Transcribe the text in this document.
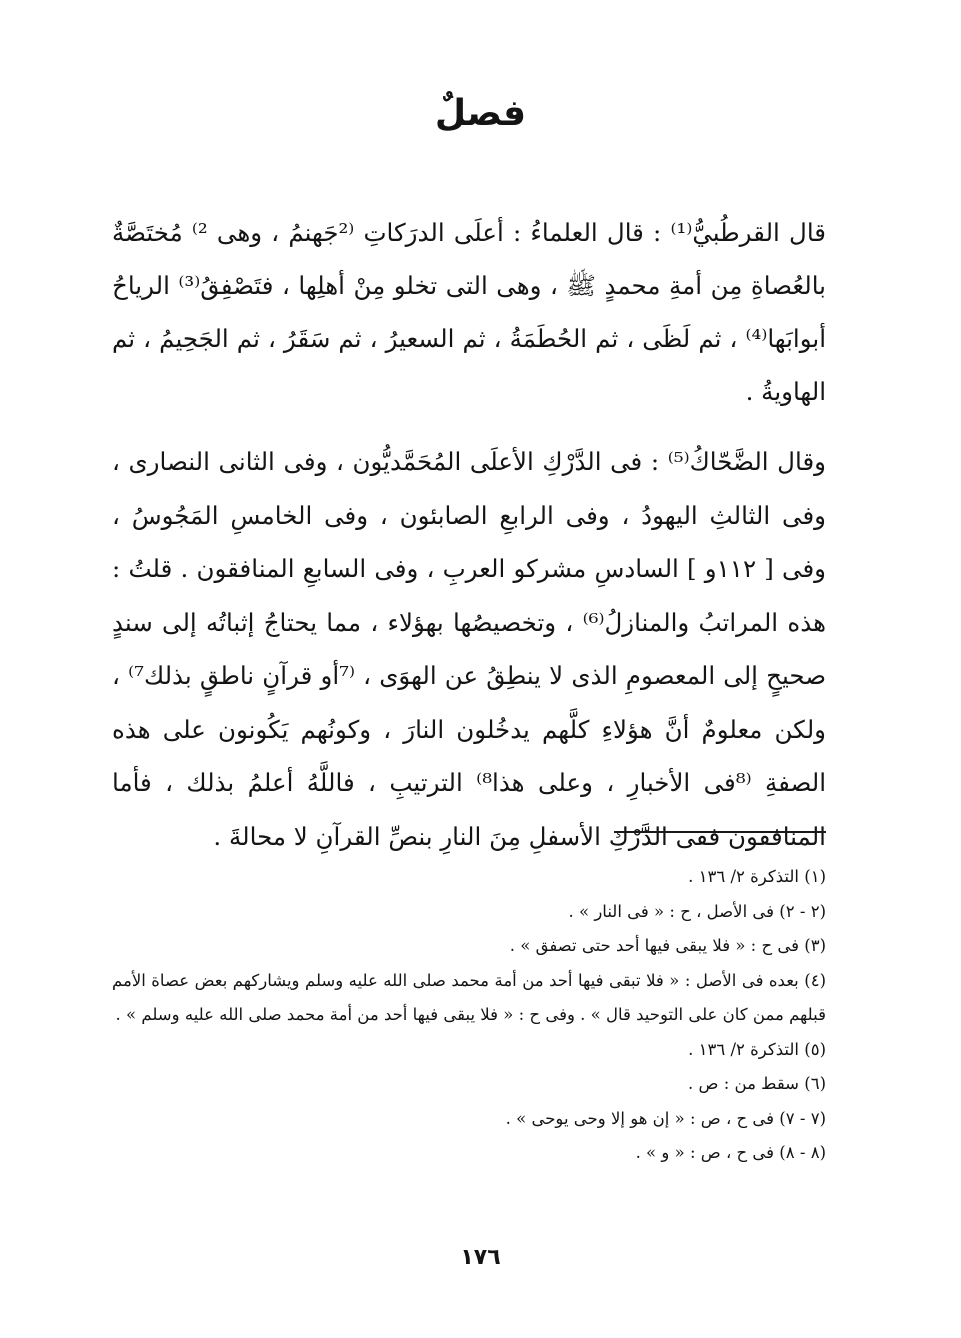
فصلٌ

قال القرطُبيُّ⁽¹⁾ : قال العلماءُ : أعلَى الدرَكاتِ ⁽²جَهنمُ ، وهى ²⁾ مُختَصَّةٌ بالعُصاةِ مِن أمةِ محمدٍ ﷺ ، وهى التى تخلو مِنْ أهلِها ، فتَصْفِقُ⁽³⁾ الرياحُ أبوابَها⁽⁴⁾ ، ثم لَظَى ، ثم الحُطَمَةُ ، ثم السعيرُ ، ثم سَقَرُ ، ثم الجَحِيمُ ، ثم الهاويةُ .

وقال الضَّحّاكُ⁽⁵⁾ : فى الدَّرْكِ الأعلَى المُحَمَّديُّون ، وفى الثانى النصارى ، وفى الثالثِ اليهودُ ، وفى الرابعِ الصابئون ، وفى الخامسِ المَجُوسُ ، وفى [ ١١٢و ] السادسِ مشركو العربِ ، وفى السابعِ المنافقون . قلتُ : هذه المراتبُ والمنازلُ⁽⁶⁾ ، وتخصيصُها بهؤلاء ، مما يحتاجُ إثباتُه إلى سندٍ صحيحٍ إلى المعصومِ الذى لا ينطِقُ عن الهوَى ، ⁽⁷أو قرآنٍ ناطقٍ بذلك⁷⁾ ، ولكن معلومٌ أنَّ هؤلاءِ كلَّهم يدخُلون النارَ ، وكونُهم يَكُونون على هذه الصفةِ ⁽⁸فى الأخبارِ ، وعلى هذا⁸⁾ الترتيبِ ، فاللَّهُ أعلمُ بذلك ، فأما المنافقون ففى الدَّرْكِ الأسفلِ مِنَ النارِ بنصِّ القرآنِ لا محالةَ .

(١) التذكرة ٢/ ١٣٦ .

(٢ - ٢) فى الأصل ، ح : « فى النار » .

(٣) فى ح : « فلا يبقى فيها أحد حتى تصفق » .

(٤) بعده فى الأصل : « فلا تبقى فيها أحد من أمة محمد صلى الله عليه وسلم ويشاركهم بعض عصاة الأمم قبلهم ممن كان على التوحيد قال » . وفى ح : « فلا يبقى فيها أحد من أمة محمد صلى الله عليه وسلم » .

(٥) التذكرة ٢/ ١٣٦ .

(٦) سقط من : ص .

(٧ - ٧) فى ح ، ص : « إن هو إلا وحى يوحى » .

(٨ - ٨) فى ح ، ص : « و » .

١٧٦
